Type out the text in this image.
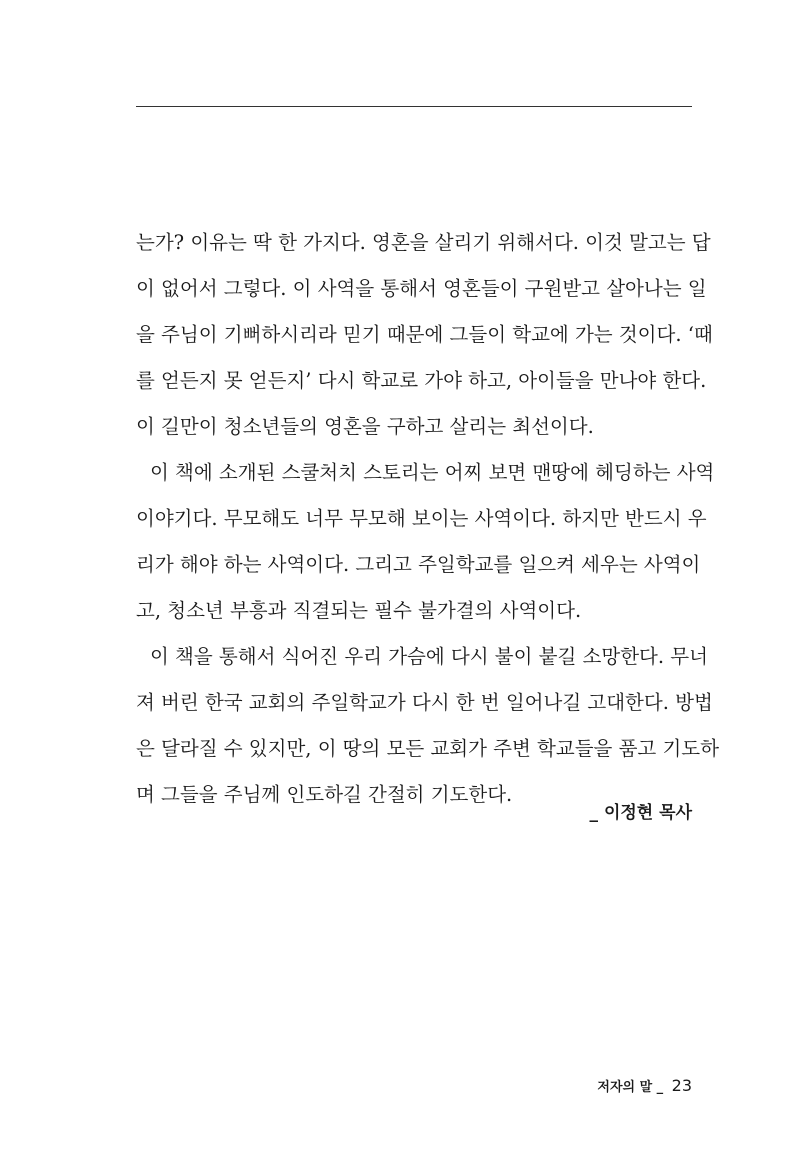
는가? 이유는 딱 한 가지다. 영혼을 살리기 위해서다. 이것 말고는 답
이 없어서 그렇다. 이 사역을 통해서 영혼들이 구원받고 살아나는 일
을 주님이 기뻐하시리라 믿기 때문에 그들이 학교에 가는 것이다. ‘때
를 얻든지 못 얻든지’ 다시 학교로 가야 하고, 아이들을 만나야 한다.
이 길만이 청소년들의 영혼을 구하고 살리는 최선이다.
이 책에 소개된 스쿨처치 스토리는 어찌 보면 맨땅에 헤딩하는 사역
이야기다. 무모해도 너무 무모해 보이는 사역이다. 하지만 반드시 우
리가 해야 하는 사역이다. 그리고 주일학교를 일으켜 세우는 사역이
고, 청소년 부흥과 직결되는 필수 불가결의 사역이다.
이 책을 통해서 식어진 우리 가슴에 다시 불이 붙길 소망한다. 무너
져 버린 한국 교회의 주일학교가 다시 한 번 일어나길 고대한다. 방법
은 달라질 수 있지만, 이 땅의 모든 교회가 주변 학교들을 품고 기도하
며 그들을 주님께 인도하길 간절히 기도한다.
_ 이정현 목사
저자의 말 _ 23
